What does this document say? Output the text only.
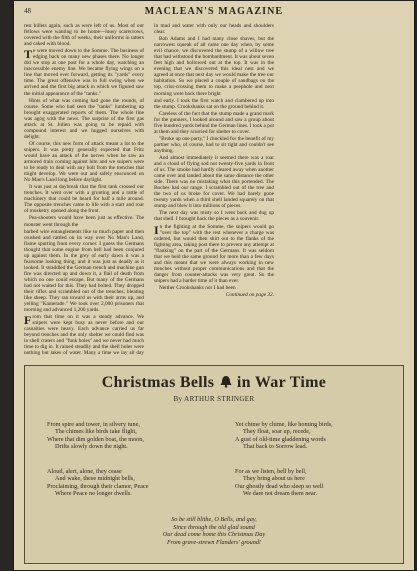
48	MACLEAN'S MAGAZINE

rest billets again, such as were left of us. Most of our fellows were wanting to be home—lousy scarecrows, covered with the filth of weeks, their uniforms in tatters and caked with blood.

Te were moved down to the Somme. The business of edging back on many new phases there. No longer did we stop at one post for a whole day, watching an inaccessible enemy line. We became flying wings on a line that moved ever forward, getting its "yards" every time. The great offensive was in full swing when we arrived and the first big attack in which we figured saw the initial appearance of the "tanks."

Hints of what was coming had gone the rounds, of course. Some who had seen the "tanks" lumbering up brought exaggerated reports of them. The whole line was agog with the news. The surprise of the first gas attack at St. Julien was going to be repaid with compound interest and we hugged ourselves with delight.

Of course, this new form of attack meant a lot to the snipers. It was pretty generally expected that Fritz would have an attack of the nerves when he saw an armored train coming against him and we snipers were to be ready to deal with any bolt from the trenches that might develop. We were out and safely ensconced on No Man's Land long before daylight.

It was just at daybreak that the first tank crossed our trenches. It went over with a grunting and a rattle of machinery that could be heard for half a mile around. The opposite trenches came to life with a start and roar of musketry opened along the front.

Pea-shooters would have been just as effective. The monster went through the

barbed wire entanglements like so much paper and then crushed and rattled on its way over No Man's Land, flame spurting from every corner. I guess the Germans thought that some engine from hell had been conjured up against them. In the grey of early dawn it was a fearsome looking thing; and it was just as deadly as it looked. It straddled the German trench and machine gun fire was directed up and down it, a flail of death from which no one could escape. But many of the Germans had not waited for this. They had bolted. They dropped their rifles and scrambled out of the trenches, bleating like sheep. They ran toward us with their arms up, and yelling "Kamerade." We took over 2,000 prisoners that morning and advanced 1,200 yards.

From that time on it was a steady advance. We snipers were kept busy as never before and our casualties were heavy. Each advance carried us far beyond trenches and the only shelter we could find was in shell craters and "funk holes" and we never had much time to dig in. It rained steadily and the shell holes were nothing but lakes of water. Many a time we lay all day in mud and water with only our heads and shoulders clear.

Bob Adams and I had many close shaves, but the narrowest squeak of all came one day when, by some evil chance, we discovered the stump of a willow tree that had withstood the bombardment. It was about seven feet high and hollowed out at the top. It was in the evening that we discovered this ideal nest and we agreed at once that next day we would make the tree our habitation. So we placed a couple of sandbags on the top, criss-crossing them to make a peephole and next morning were back there bright

and early. I took the first watch and clambered up into the stump. Crookshanks sat on the ground behind it.

Careless of the fact that the stump made a grand mark for the gunners, I looked around and saw a group about five hundred yards behind the German lines. I took a pot at them and they scurried for shelter to cover.

"Broke up one party," I chuckled for the benefit of my partner who, of course, had to sit tight and couldn't see anything.

And almost immediately it seemed there was a roar and a cloud of flying sod not twenty-five yards in front of us. The smoke had hardly cleared away when another came over and landed about the same distance the other side. There was no mistaking what this portended. The Boches had our range. I scrambled out of the tree and the two of us broke for cover. We had barely gone twenty yards when a third shell landed squarely on that stump and blew it into millions of pieces.

The next day was misty so I went back and dug up that shell. I brought back the pieces as a souvenir.

In the fighting at the Somme, the snipers would go "over the top" with the rest whenever a charge was ordered, but would then shirt out to the flanks of the fighting area, taking post there to prevent any attempt at "flanking" on the part of the Germans. It was seldom that we held the same ground for more than a few days and this meant that we were always working in new trenches without proper communications and that the danger from counter-attacks was very great. So the snipers had a harder time of it than ever.

Neither Crookshanks nor I had been

Continued on page 32.
Christmas Bells in War Time
By ARTHUR STRINGER
From spire and tower, in silvery tune,
The chimes like birds take flight,
Where that dim golden boat, the moon,
Drifts slowly down the night.
Yet chime by chime, like homing birds,
They float, soar up, recede,
A gust of old-time gladdening words
That back to Sorrow lead.
Aloud, alert, alone, they cease
And wake, these midnight bells,
Proclaiming, through their clamor, Peace
Where Peace no longer dwells.
For as we listen, bell by bell,
They bring about us here
Our ghostly dead who sleep so well
We dare not dream them near.
So be still blithe, O Bells, and gay,
Since through the old glad sound
Our dead come home this Christmas Day
From grave-strewn Flanders' ground!
